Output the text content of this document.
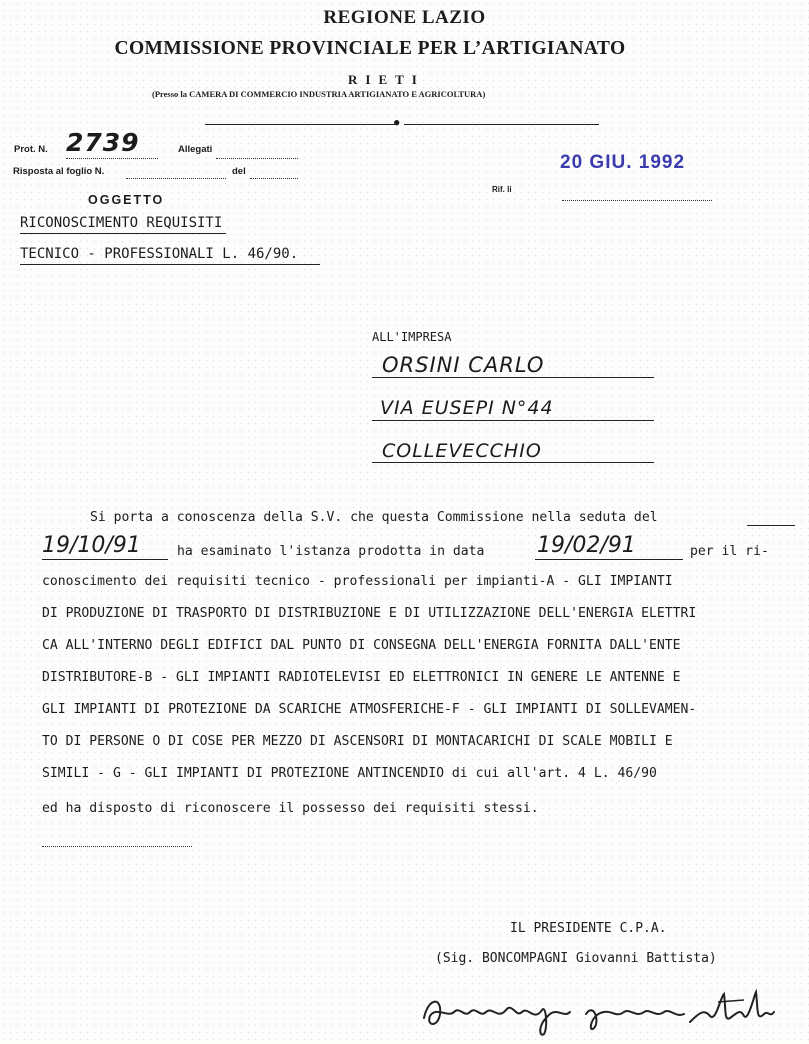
REGIONE LAZIO
COMMISSIONE PROVINCIALE PER L’ARTIGIANATO
RIETI
(Presso la CAMERA DI COMMERCIO INDUSTRIA ARTIGIANATO E AGRICOLTURA)
●
Prot. N. 2739	Allegati
Risposta al foglio N.	del	20 GIU. 1992
OGGETTO
Rif. li
RICONOSCIMENTO REQUISITI
TECNICO - PROFESSIONALI L. 46/90.
ALL'IMPRESA
ORSINI CARLO
VIA EUSEPI N°44
COLLEVECCHIO
Si porta a conoscenza della S.V. che questa Commissione nella seduta del
19/10/91	ha esaminato l'istanza prodotta in data 19/02/91	per il ri-
conoscimento dei requisiti tecnico - professionali per impianti-A - GLI IMPIANTI
DI PRODUZIONE DI TRASPORTO DI DISTRIBUZIONE E DI UTILIZZAZIONE DELL'ENERGIA ELETTRI
CA ALL'INTERNO DEGLI EDIFICI DAL PUNTO DI CONSEGNA DELL'ENERGIA FORNITA DALL'ENTE
DISTRIBUTORE-B - GLI IMPIANTI RADIOTELEVISI ED ELETTRONICI IN GENERE LE ANTENNE E
GLI IMPIANTI DI PROTEZIONE DA SCARICHE ATMOSFERICHE-F - GLI IMPIANTI DI SOLLEVAMEN-
TO DI PERSONE O DI COSE PER MEZZO DI ASCENSORI DI MONTACARICHI DI SCALE MOBILI E
SIMILI - G - GLI IMPIANTI DI PROTEZIONE ANTINCENDIO di cui all'art. 4 L. 46/90
ed ha disposto di riconoscere il possesso dei requisiti stessi.
IL PRESIDENTE C.P.A.
(Sig. BONCOMPAGNI Giovanni Battista)
